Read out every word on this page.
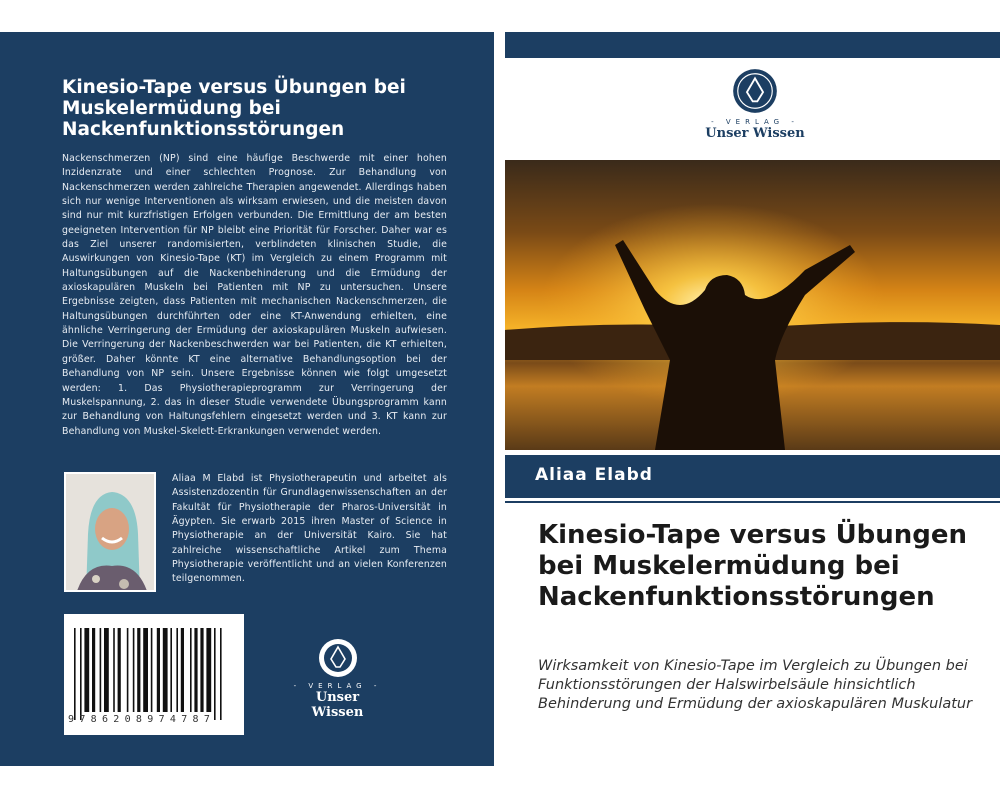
Kinesio-Tape versus Übungen bei Muskelermüdung bei Nackenfunktionsstörungen
Nackenschmerzen (NP) sind eine häufige Beschwerde mit einer hohen Inzidenzrate und einer schlechten Prognose. Zur Behandlung von Nackenschmerzen werden zahlreiche Therapien angewendet. Allerdings haben sich nur wenige Interventionen als wirksam erwiesen, und die meisten davon sind nur mit kurzfristigen Erfolgen verbunden. Die Ermittlung der am besten geeigneten Intervention für NP bleibt eine Priorität für Forscher. Daher war es das Ziel unserer randomisierten, verblindeten klinischen Studie, die Auswirkungen von Kinesio-Tape (KT) im Vergleich zu einem Programm mit Haltungsübungen auf die Nackenbehinderung und die Ermüdung der axioskapulären Muskeln bei Patienten mit NP zu untersuchen. Unsere Ergebnisse zeigten, dass Patienten mit mechanischen Nackenschmerzen, die Haltungsübungen durchführten oder eine KT-Anwendung erhielten, eine ähnliche Verringerung der Ermüdung der axioskapulären Muskeln aufwiesen. Die Verringerung der Nackenbeschwerden war bei Patienten, die KT erhielten, größer. Daher könnte KT eine alternative Behandlungsoption bei der Behandlung von NP sein. Unsere Ergebnisse können wie folgt umgesetzt werden: 1. Das Physiotherapieprogramm zur Verringerung der Muskelspannung, 2. das in dieser Studie verwendete Übungsprogramm kann zur Behandlung von Haltungsfehlern eingesetzt werden und 3. KT kann zur Behandlung von Muskel-Skelett-Erkrankungen verwendet werden.
Aliaa M Elabd ist Physiotherapeutin und arbeitet als Assistenzdozentin für Grundlagenwissenschaften an der Fakultät für Physiotherapie der Pharos-Universität in Ägypten. Sie erwarb 2015 ihren Master of Science in Physiotherapie an der Universität Kairo. Sie hat zahlreiche wissenschaftliche Artikel zum Thema Physiotherapie veröffentlicht und an vielen Konferenzen teilgenommen.
9786208974787
- VERLAG -
Unser Wissen
- VERLAG -
Unser Wissen
Aliaa Elabd
Kinesio-Tape versus Übungen bei Muskelermüdung bei Nackenfunktionsstörungen
Wirksamkeit von Kinesio-Tape im Vergleich zu Übungen bei Funktionsstörungen der Halswirbelsäule hinsichtlich Behinderung und Ermüdung der axioskapulären Muskulatur
